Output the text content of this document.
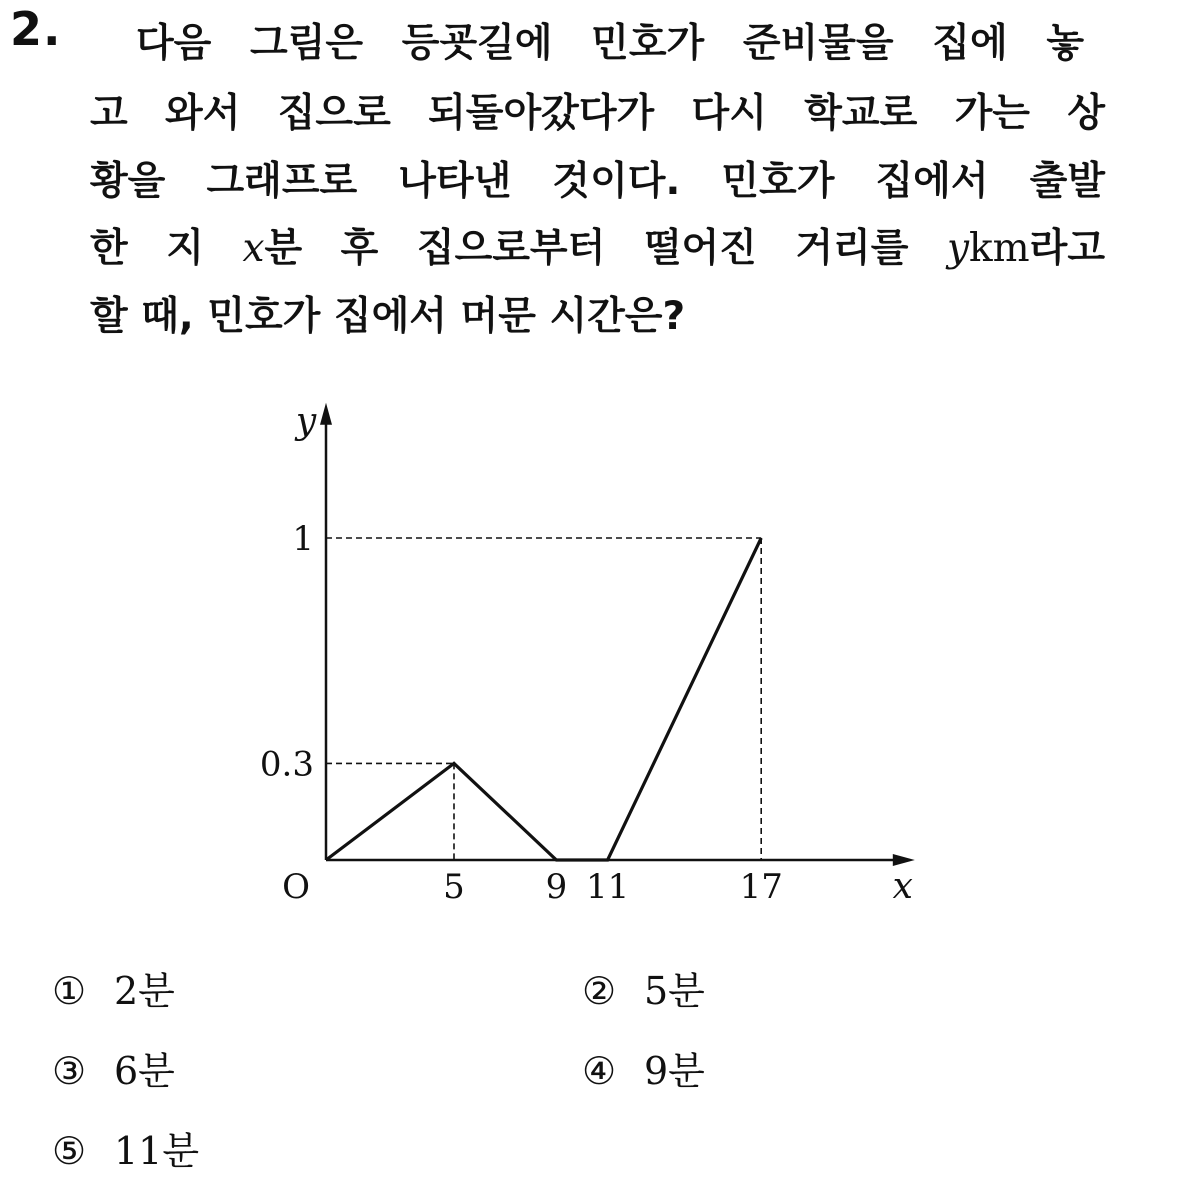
2. 다음 그림은 등굣길에 민호가 준비물을 집에 놓
고 와서 집으로 되돌아갔다가 다시 학교로 가는 상
황을 그래프로 나타낸 것이다. 민호가 집에서 출발
한 지 x분 후 집으로부터 떨어진 거리를 ykm라고
할 때, 민호가 집에서 머문 시간은?
x
y
O	5 9 11	17
0.3
1
① 2분	② 5분
③ 6분	④ 9분
⑤ 11분
